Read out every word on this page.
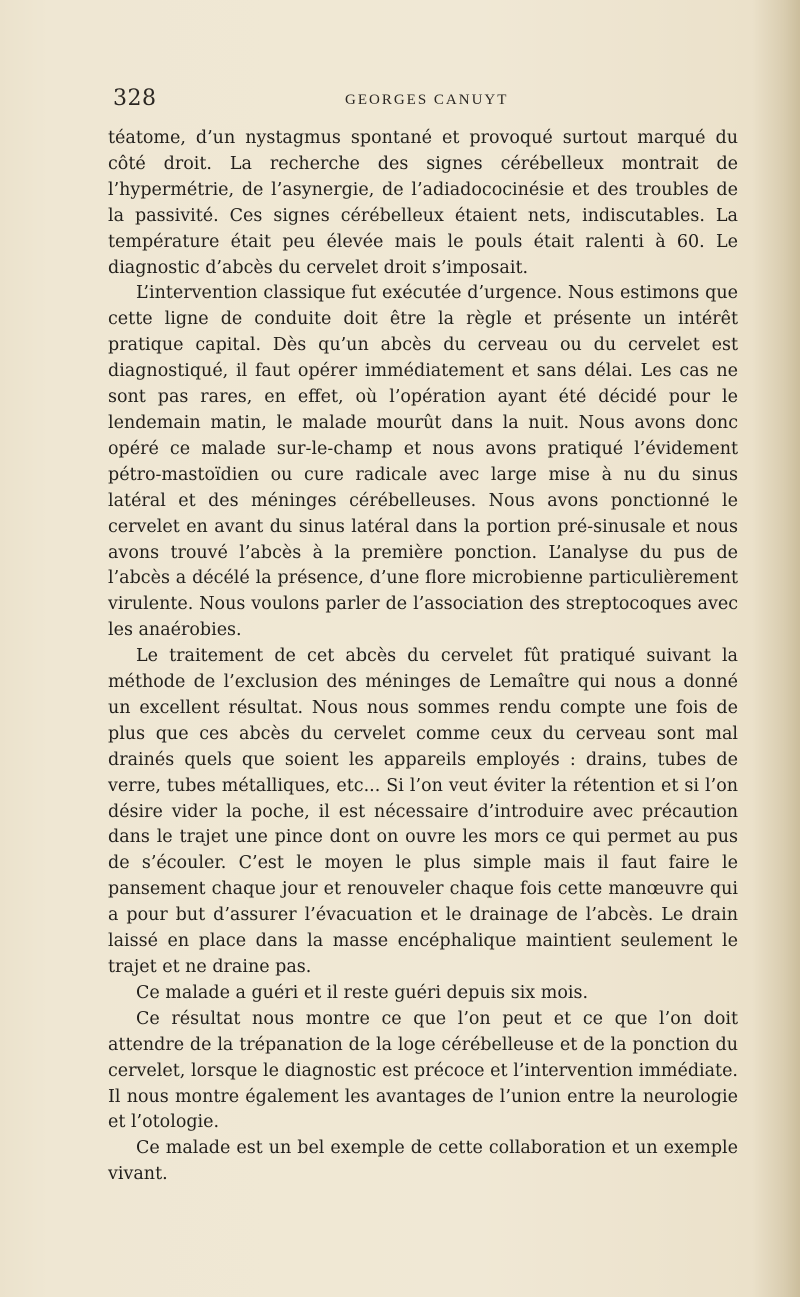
328	GEORGES CANUYT

téatome, d’un nystagmus spontané et provoqué surtout marqué du côté droit. La recherche des signes cérébelleux montrait de l’hypermétrie, de l’asynergie, de l’adiadococinésie et des troubles de la passivité. Ces signes cérébelleux étaient nets, indiscutables. La température était peu élevée mais le pouls était ralenti à 60. Le diagnostic d’abcès du cervelet droit s’imposait.

L’intervention classique fut exécutée d’urgence. Nous estimons que cette ligne de conduite doit être la règle et présente un intérêt pratique capital. Dès qu’un abcès du cerveau ou du cervelet est diagnostiqué, il faut opérer immédiatement et sans délai. Les cas ne sont pas rares, en effet, où l’opération ayant été décidé pour le lendemain matin, le malade mourût dans la nuit. Nous avons donc opéré ce malade sur-le-champ et nous avons pratiqué l’évidement pétro-mastoïdien ou cure radicale avec large mise à nu du sinus latéral et des méninges cérébelleuses. Nous avons ponctionné le cervelet en avant du sinus latéral dans la portion pré-sinusale et nous avons trouvé l’abcès à la première ponction. L’analyse du pus de l’abcès a décélé la présence, d’une flore microbienne particulièrement virulente. Nous voulons parler de l’association des streptocoques avec les anaérobies.

Le traitement de cet abcès du cervelet fût pratiqué suivant la méthode de l’exclusion des méninges de Lemaître qui nous a donné un excellent résultat. Nous nous sommes rendu compte une fois de plus que ces abcès du cervelet comme ceux du cerveau sont mal drainés quels que soient les appareils employés : drains, tubes de verre, tubes métalliques, etc... Si l’on veut éviter la rétention et si l’on désire vider la poche, il est nécessaire d’introduire avec précaution dans le trajet une pince dont on ouvre les mors ce qui permet au pus de s’écouler. C’est le moyen le plus simple mais il faut faire le pansement chaque jour et renouveler chaque fois cette manœuvre qui a pour but d’assurer l’évacuation et le drainage de l’abcès. Le drain laissé en place dans la masse encéphalique maintient seulement le trajet et ne draine pas.

Ce malade a guéri et il reste guéri depuis six mois.

Ce résultat nous montre ce que l’on peut et ce que l’on doit attendre de la trépanation de la loge cérébelleuse et de la ponction du cervelet, lorsque le diagnostic est précoce et l’intervention immédiate. Il nous montre également les avantages de l’union entre la neurologie et l’otologie.

Ce malade est un bel exemple de cette collaboration et un exemple vivant.
